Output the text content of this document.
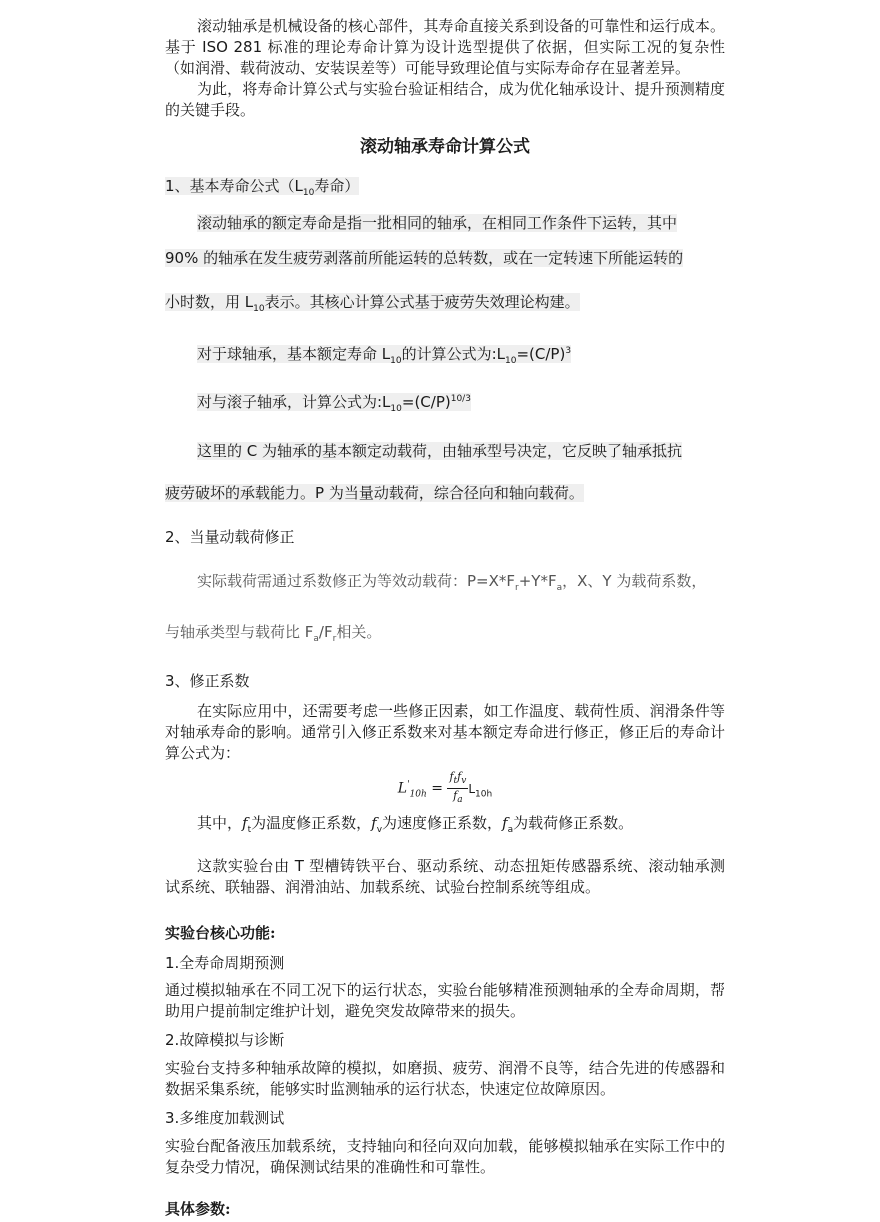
滚动轴承是机械设备的核心部件，其寿命直接关系到设备的可靠性和运行成本。基于 ISO 281 标准的理论寿命计算为设计选型提供了依据，但实际工况的复杂性（如润滑、载荷波动、安装误差等）可能导致理论值与实际寿命存在显著差异。

为此，将寿命计算公式与实验台验证相结合，成为优化轴承设计、提升预测精度的关键手段。

滚动轴承寿命计算公式

1、基本寿命公式（$L_{10}$寿命）

滚动轴承的额定寿命是指一批相同的轴承，在相同工作条件下运转，其中

90% 的轴承在发生疲劳剥落前所能运转的总转数，或在一定转速下所能运转的

小时数，用 $L_{10}$表示。其核心计算公式基于疲劳失效理论构建。

对于球轴承，基本额定寿命 $L_{10}$的计算公式为$:L_{10}=(C/P)^3$

对与滚子轴承，计算公式为$:L_{10}=(C/P)^{10/3}$

这里的 C 为轴承的基本额定动载荷，由轴承型号决定，它反映了轴承抵抗

疲劳破坏的承载能力。P 为当量动载荷，综合径向和轴向载荷。

2、当量动载荷修正

实际载荷需通过系数修正为等效动载荷：$P=X*F_r+Y*F_a$，X、Y 为载荷系数，

与轴承类型与载荷比 $F_a/F_r$相关。

3、修正系数

在实际应用中，还需要考虑一些修正因素，如工作温度、载荷性质、润滑条件等对轴承寿命的影响。通常引入修正系数来对基本额定寿命进行修正，修正后的寿命计算公式为：

$L'_{10h} = \frac{f_tf_v}{f_a} L_{10h}$

其中，$f_t$为温度修正系数，$f_v$为速度修正系数，$f_a$为载荷修正系数。

这款实验台由 T 型槽铸铁平台、驱动系统、动态扭矩传感器系统、滚动轴承测试系统、联轴器、润滑油站、加载系统、试验台控制系统等组成。

实验台核心功能:

1.全寿命周期预测

通过模拟轴承在不同工况下的运行状态，实验台能够精准预测轴承的全寿命周期，帮助用户提前制定维护计划，避免突发故障带来的损失。

2.故障模拟与诊断

实验台支持多种轴承故障的模拟，如磨损、疲劳、润滑不良等，结合先进的传感器和数据采集系统，能够实时监测轴承的运行状态，快速定位故障原因。

3.多维度加载测试

实验台配备液压加载系统，支持轴向和径向双向加载，能够模拟轴承在实际工作中的复杂受力情况，确保测试结果的准确性和可靠性。

具体参数:
